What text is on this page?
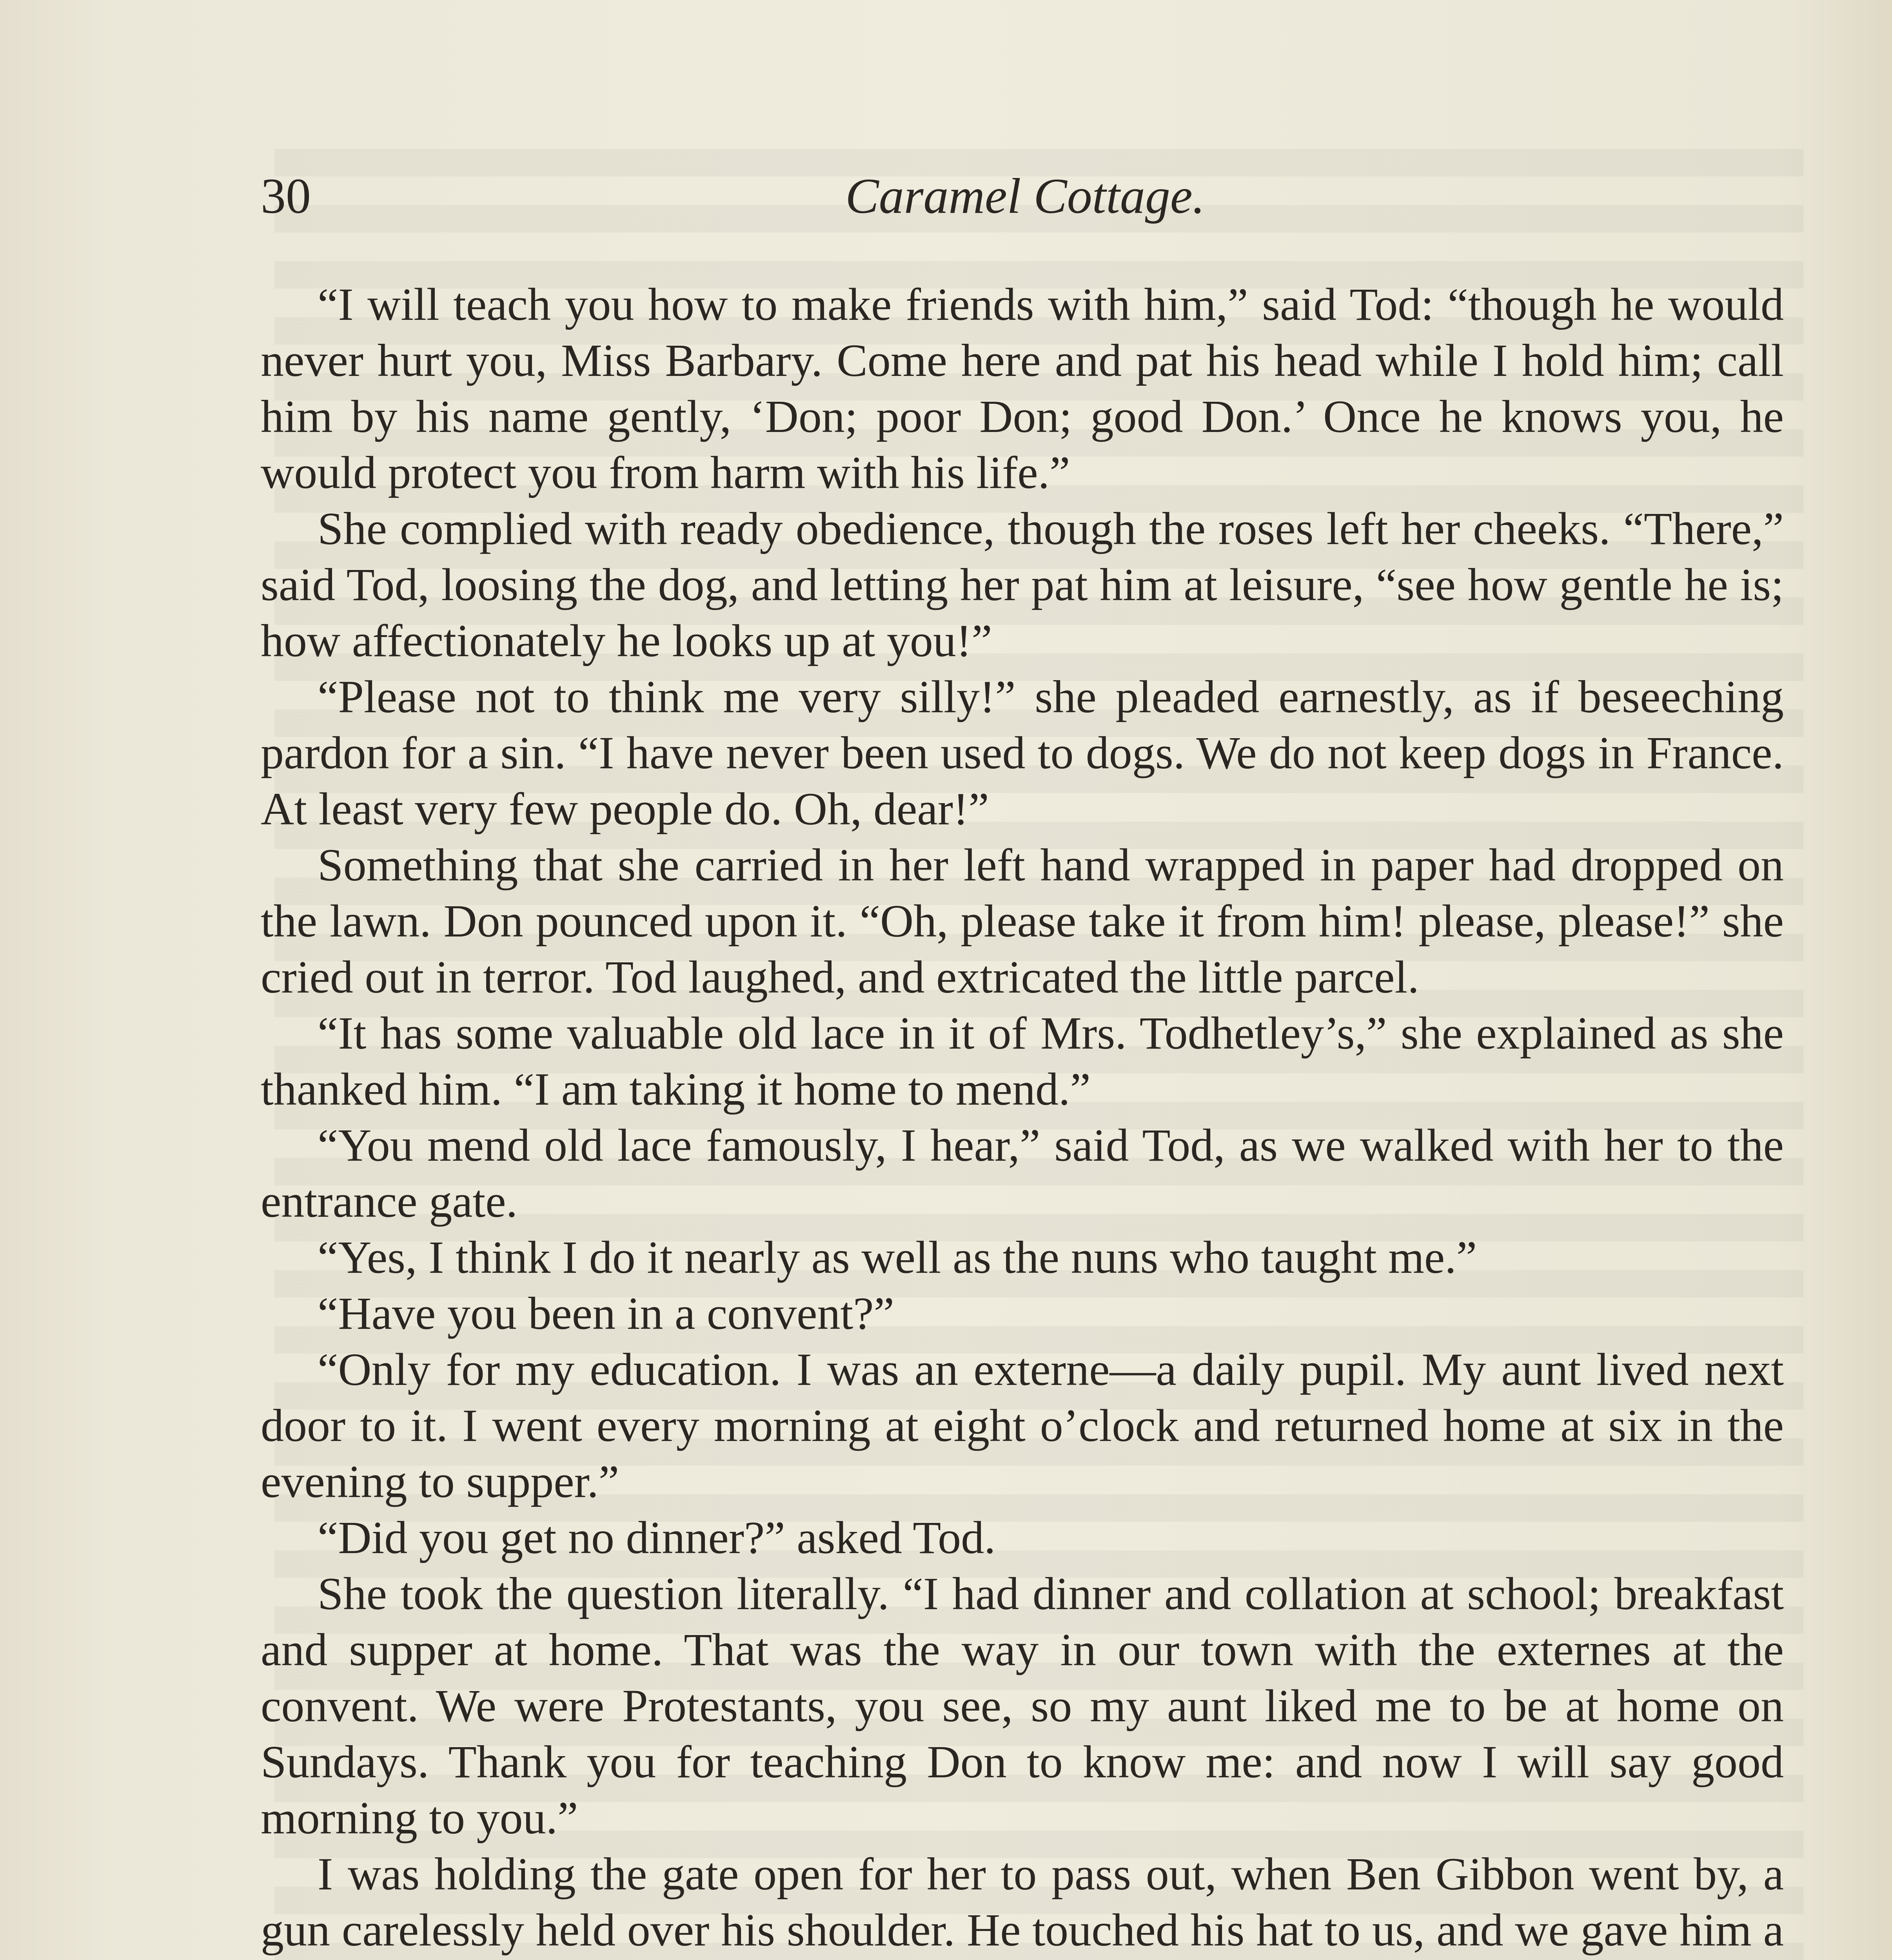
30	Caramel Cottage.

“I will teach you how to make friends with him,” said Tod: “though he would never hurt you, Miss Barbary. Come here and pat his head while I hold him; call him by his name gently, ‘Don; poor Don; good Don.’ Once he knows you, he would protect you from harm with his life.”

She complied with ready obedience, though the roses left her cheeks. “There,” said Tod, loosing the dog, and letting her pat him at leisure, “see how gentle he is; how affectionately he looks up at you!”

“Please not to think me very silly!” she pleaded earnestly, as if beseeching pardon for a sin. “I have never been used to dogs. We do not keep dogs in France. At least very few people do. Oh, dear!”

Something that she carried in her left hand wrapped in paper had dropped on the lawn. Don pounced upon it. “Oh, please take it from him! please, please!” she cried out in terror. Tod laughed, and extricated the little parcel.

“It has some valuable old lace in it of Mrs. Todhetley’s,” she explained as she thanked him. “I am taking it home to mend.”

“You mend old lace famously, I hear,” said Tod, as we walked with her to the entrance gate.

“Yes, I think I do it nearly as well as the nuns who taught me.”

“Have you been in a convent?”

“Only for my education. I was an externe—a daily pupil. My aunt lived next door to it. I went every morning at eight o’clock and returned home at six in the evening to supper.”

“Did you get no dinner?” asked Tod.

She took the question literally. “I had dinner and collation at school; breakfast and supper at home. That was the way in our town with the externes at the convent. We were Protestants, you see, so my aunt liked me to be at home on Sundays. Thank you for teaching Don to know me: and now I will say good morning to you.”

I was holding the gate open for her to pass out, when Ben Gibbon went by, a gun carelessly held over his shoulder. He touched his hat to us, and we gave him a
